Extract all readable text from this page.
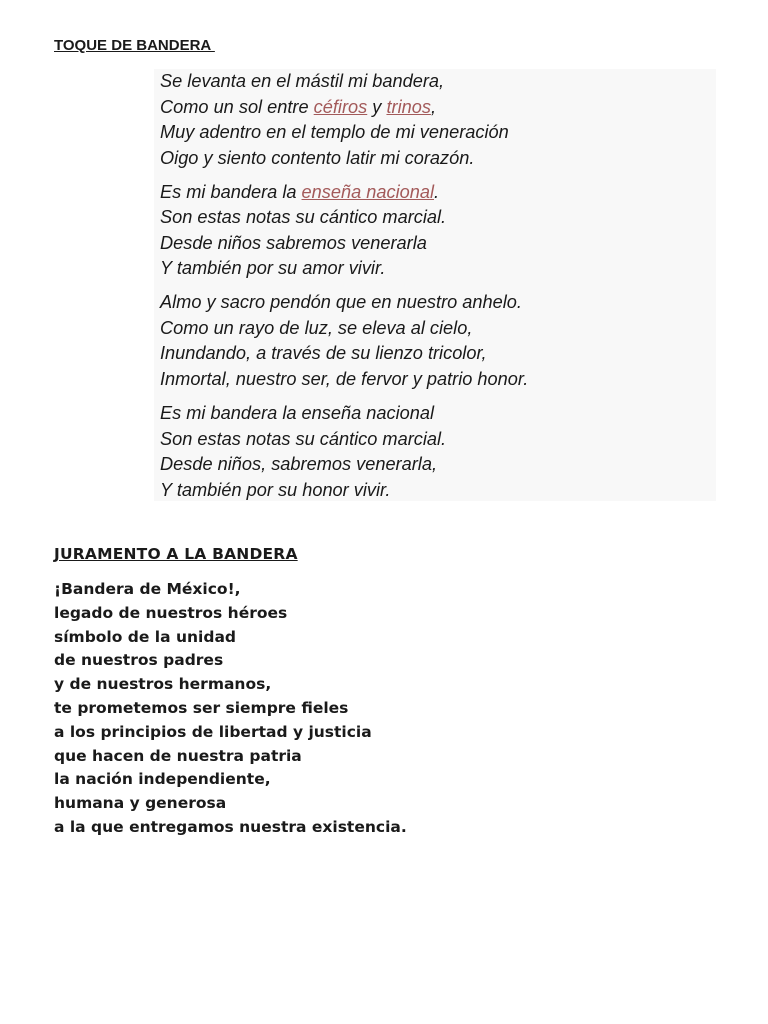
TOQUE DE BANDERA
Se levanta en el mástil mi bandera,
Como un sol entre céfiros y trinos,
Muy adentro en el templo de mi veneración
Oigo y siento contento latir mi corazón.
Es mi bandera la enseña nacional.
Son estas notas su cántico marcial.
Desde niños sabremos venerarla
Y también por su amor vivir.
Almo y sacro pendón que en nuestro anhelo.
Como un rayo de luz, se eleva al cielo,
Inundando, a través de su lienzo tricolor,
Inmortal, nuestro ser, de fervor y patrio honor.
Es mi bandera la enseña nacional
Son estas notas su cántico marcial.
Desde niños, sabremos venerarla,
Y también por su honor vivir.
JURAMENTO A LA BANDERA
¡Bandera de México!,
legado de nuestros héroes
símbolo de la unidad
de nuestros padres
y de nuestros hermanos,
te prometemos ser siempre fieles
a los principios de libertad y justicia
que hacen de nuestra patria
la nación independiente,
humana y generosa
a la que entregamos nuestra existencia.
